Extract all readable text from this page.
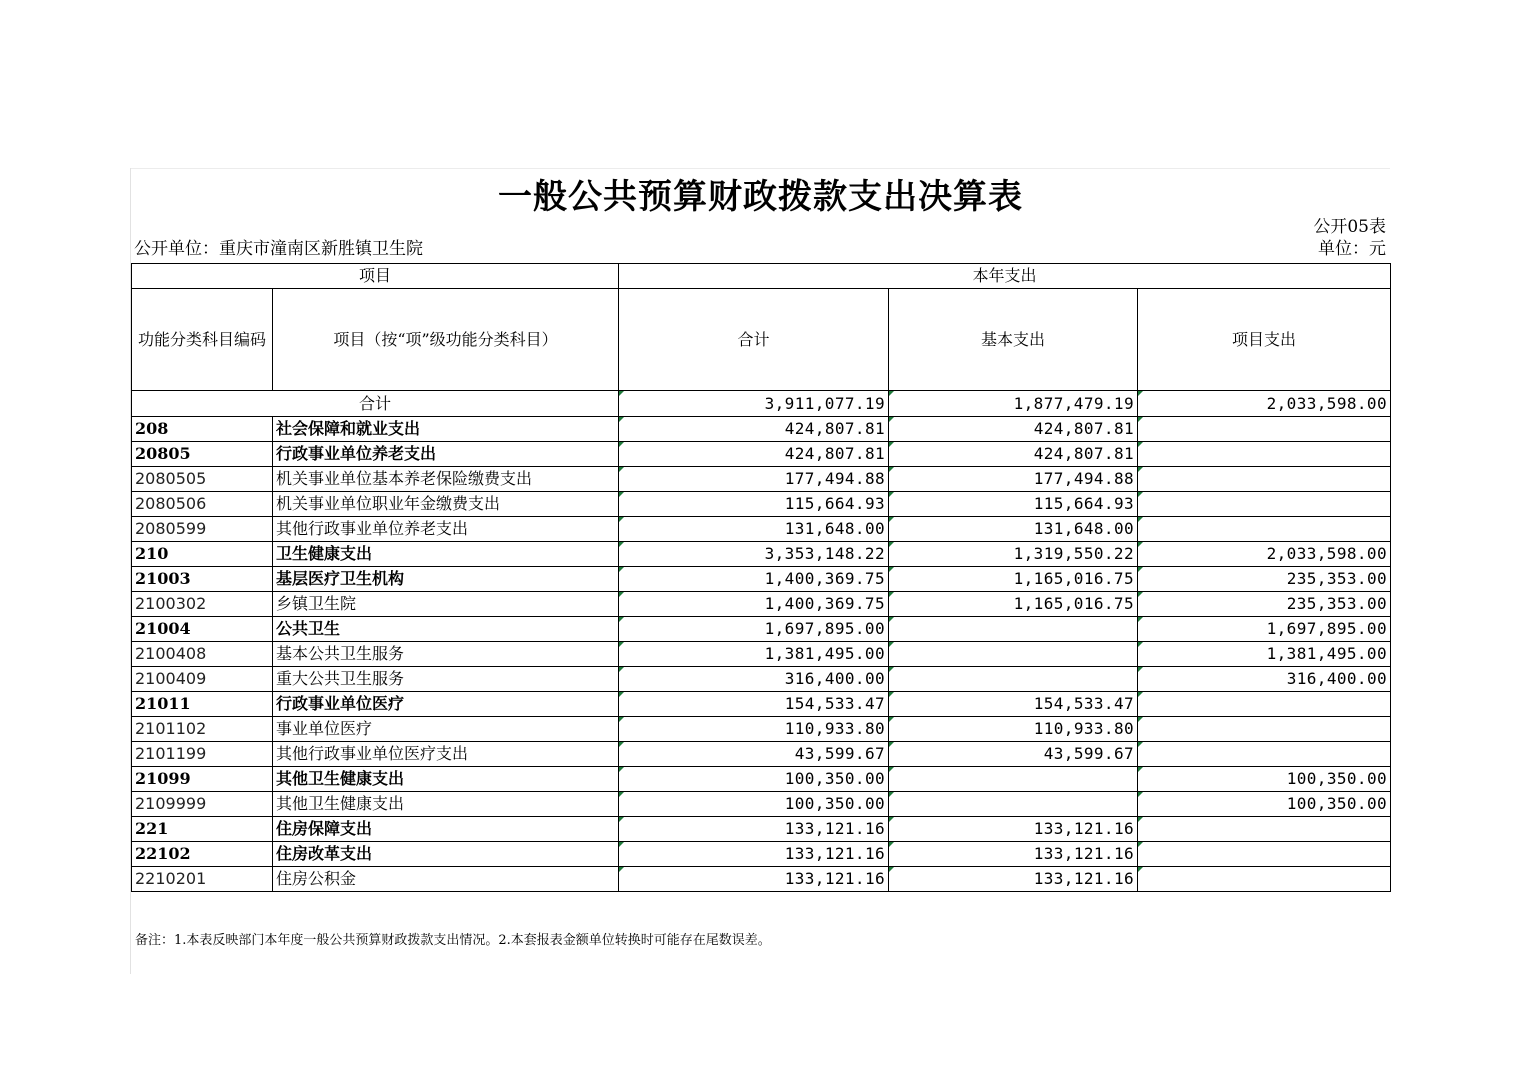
一般公共预算财政拨款支出决算表
公开05表
公开单位：重庆市潼南区新胜镇卫生院	单位：元
项目		本年支出		
功能分类科目编码	项目（按“项”级功能分类科目）	合计	基本支出	项目支出
合计		3,911,077.19	1,877,479.19	2,033,598.00
208	社会保障和就业支出	424,807.81	424,807.81	
20805	行政事业单位养老支出	424,807.81	424,807.81	
2080505	机关事业单位基本养老保险缴费支出	177,494.88	177,494.88	
2080506	机关事业单位职业年金缴费支出	115,664.93	115,664.93	
2080599	其他行政事业单位养老支出	131,648.00	131,648.00	
210	卫生健康支出	3,353,148.22	1,319,550.22	2,033,598.00
21003	基层医疗卫生机构	1,400,369.75	1,165,016.75	235,353.00
2100302	乡镇卫生院	1,400,369.75	1,165,016.75	235,353.00
21004	公共卫生	1,697,895.00		1,697,895.00
2100408	基本公共卫生服务	1,381,495.00		1,381,495.00
2100409	重大公共卫生服务	316,400.00		316,400.00
21011	行政事业单位医疗	154,533.47	154,533.47	
2101102	事业单位医疗	110,933.80	110,933.80	
2101199	其他行政事业单位医疗支出	43,599.67	43,599.67	
21099	其他卫生健康支出	100,350.00		100,350.00
2109999	其他卫生健康支出	100,350.00		100,350.00
221	住房保障支出	133,121.16	133,121.16	
22102	住房改革支出	133,121.16	133,121.16	
2210201	住房公积金	133,121.16	133,121.16	
备注：1.本表反映部门本年度一般公共预算财政拨款支出情况。2.本套报表金额单位转换时可能存在尾数误差。
